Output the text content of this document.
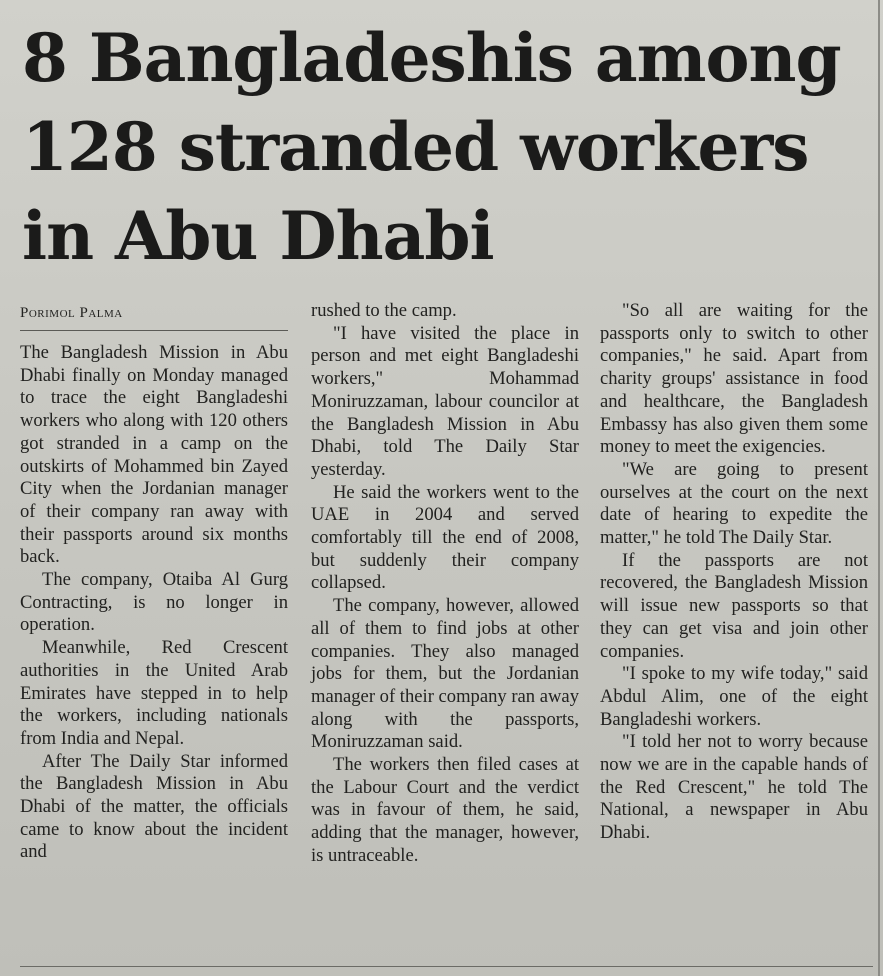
8 Bangladeshis among
128 stranded workers
in Abu Dhabi
Porimol Palma

The Bangladesh Mission in Abu Dhabi finally on Monday managed to trace the eight Bangladeshi workers who along with 120 others got stranded in a camp on the outskirts of Mohammed bin Zayed City when the Jordanian manager of their company ran away with their passports around six months back.

The company, Otaiba Al Gurg Contracting, is no longer in operation.

Meanwhile, Red Crescent authorities in the United Arab Emirates have stepped in to help the workers, including nationals from India and Nepal.

After The Daily Star informed the Bangladesh Mission in Abu Dhabi of the matter, the officials came to know about the incident and

rushed to the camp.

"I have visited the place in person and met eight Bangladeshi workers," Mohammad Moniruzzaman, labour councilor at the Bangladesh Mission in Abu Dhabi, told The Daily Star yesterday.

He said the workers went to the UAE in 2004 and served comfortably till the end of 2008, but suddenly their company collapsed.

The company, however, allowed all of them to find jobs at other companies. They also managed jobs for them, but the Jordanian manager of their company ran away along with the passports, Moniruzzaman said.

The workers then filed cases at the Labour Court and the verdict was in favour of them, he said, adding that the manager, however, is untraceable.

"So all are waiting for the passports only to switch to other companies," he said. Apart from charity groups' assistance in food and healthcare, the Bangladesh Embassy has also given them some money to meet the exigencies.

"We are going to present ourselves at the court on the next date of hearing to expedite the matter," he told The Daily Star.

If the passports are not recovered, the Bangladesh Mission will issue new passports so that they can get visa and join other companies.

"I spoke to my wife today," said Abdul Alim, one of the eight Bangladeshi workers.

"I told her not to worry because now we are in the capable hands of the Red Crescent," he told The National, a newspaper in Abu Dhabi.
